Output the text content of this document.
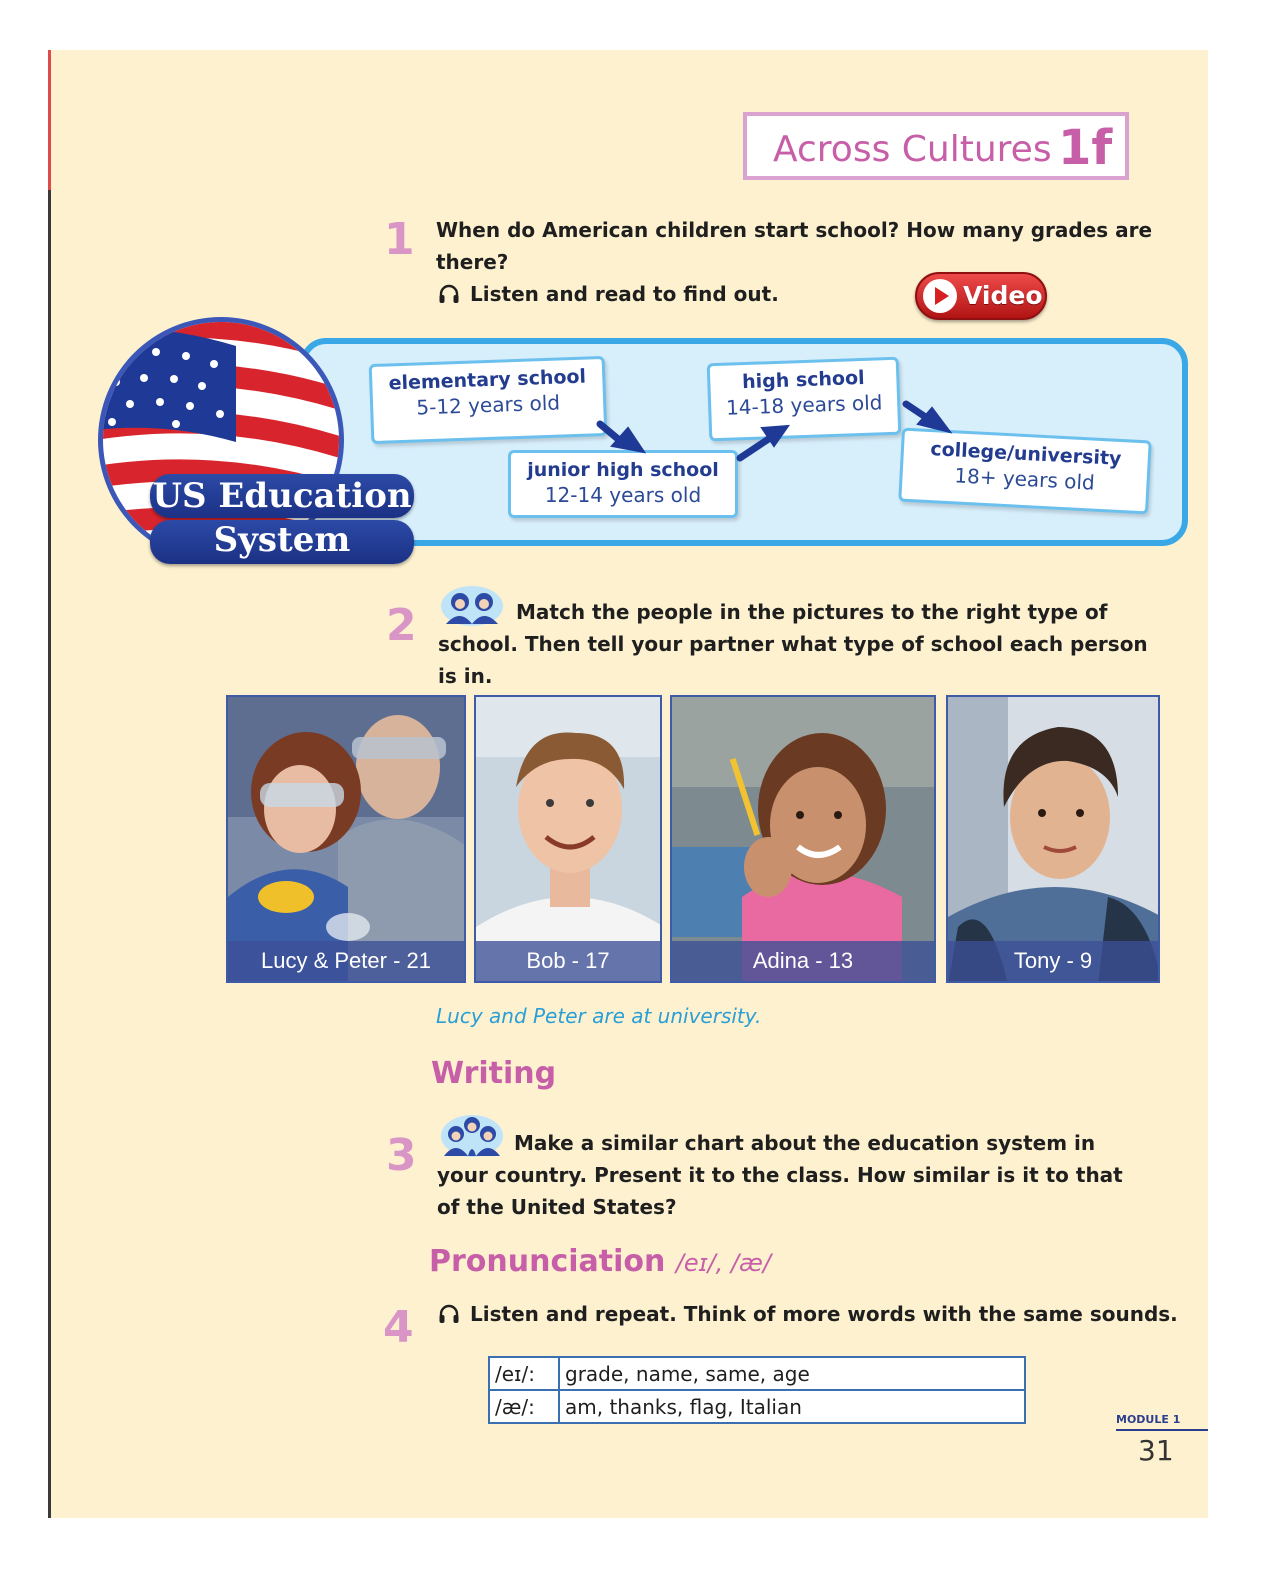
Across Cultures 1f
1 When do American children start school? How many grades are

there?

Listen and read to find out.	Video
US Education
System
elementary school
5-12 years old
junior high school
12-14 years old
high school
14-18 years old
college/university
18+ years old
2	Match the people in the pictures to the right type of

school. Then tell your partner what type of school each person

is in.

Lucy & Peter - 21	Bob - 17	Adina - 13	Tony - 9
Lucy and Peter are at university.
Writing
3	Make a similar chart about the education system in

your country. Present it to the class. How similar is it to that

of the United States?

Pronunciation /eɪ/, /æ/
4	Listen and repeat. Think of more words with the same sounds.

/eɪ/:	grade, name, same, age
/æ/:	am, thanks, flag, Italian
MODULE 1
31
